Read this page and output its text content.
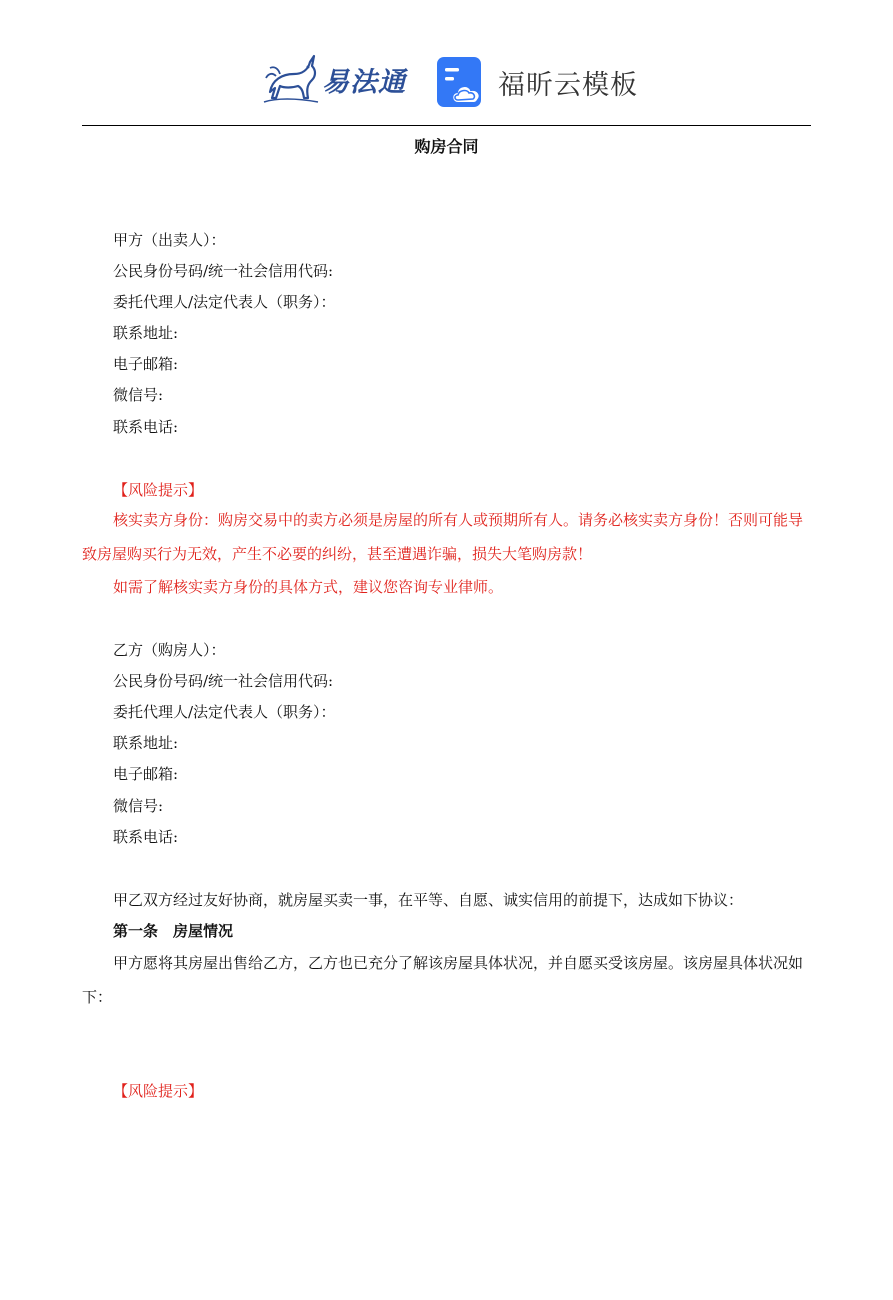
易法通	福昕云模板
购房合同
甲方（出卖人）：
公民身份号码/统一社会信用代码:
委托代理人/法定代表人（职务）：
联系地址:
电子邮箱:
微信号:
联系电话:
【风险提示】
核实卖方身份：购房交易中的卖方必须是房屋的所有人或预期所有人。请务必核实卖方身份！否则可能导致房屋购买行为无效，产生不必要的纠纷，甚至遭遇诈骗，损失大笔购房款！
如需了解核实卖方身份的具体方式，建议您咨询专业律师。
乙方（购房人）：
公民身份号码/统一社会信用代码:
委托代理人/法定代表人（职务）：
联系地址:
电子邮箱:
微信号:
联系电话:
甲乙双方经过友好协商，就房屋买卖一事，在平等、自愿、诚实信用的前提下，达成如下协议：
第一条　房屋情况
甲方愿将其房屋出售给乙方，乙方也已充分了解该房屋具体状况，并自愿买受该房屋。该房屋具体状况如下：
【风险提示】
